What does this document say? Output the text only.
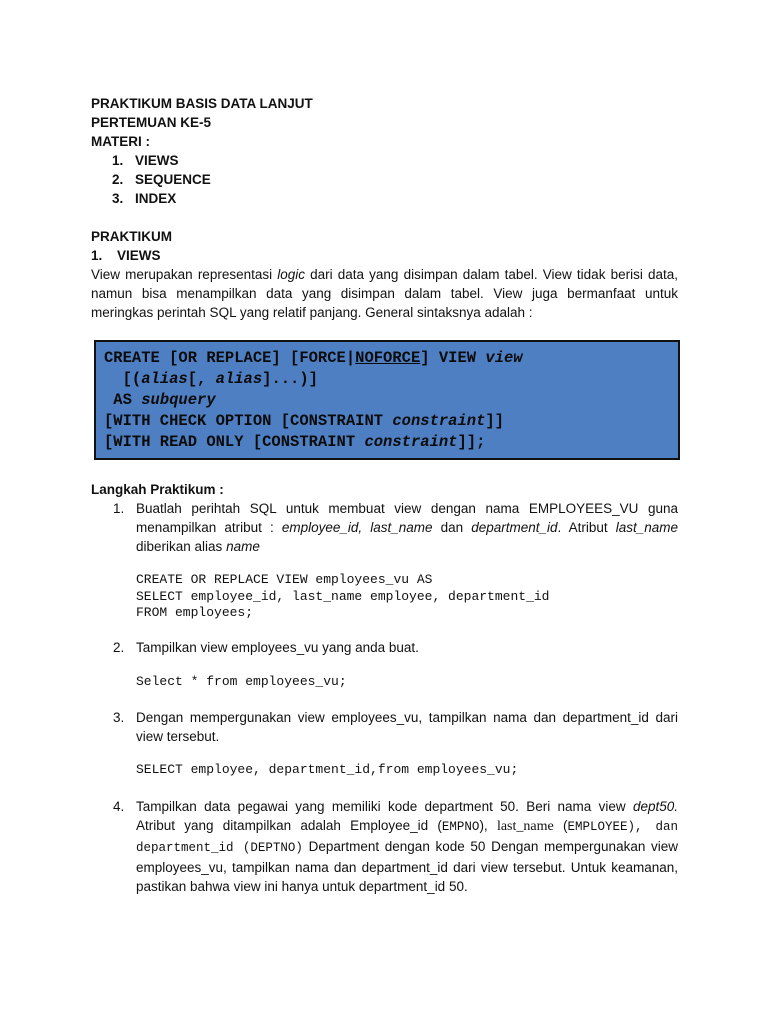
PRAKTIKUM BASIS DATA LANJUT
PERTEMUAN KE-5
MATERI :
1. VIEWS
2. SEQUENCE
3. INDEX
PRAKTIKUM
1. VIEWS
View merupakan representasi logic dari data yang disimpan dalam tabel. View tidak berisi data, namun bisa menampilkan data yang disimpan dalam tabel. View juga bermanfaat untuk meringkas perintah SQL yang relatif panjang. General sintaksnya adalah :
CREATE [OR REPLACE] [FORCE|NOFORCE] VIEW view
[(alias[, alias]...)]
AS subquery
[WITH CHECK OPTION [CONSTRAINT constraint]]
[WITH READ ONLY [CONSTRAINT constraint]];
Langkah Praktikum :
1. Buatlah perihtah SQL untuk membuat view dengan nama EMPLOYEES_VU guna menampilkan atribut : employee_id, last_name dan department_id. Atribut last_name diberikan alias name
CREATE OR REPLACE VIEW employees_vu AS
SELECT employee_id, last_name employee, department_id
FROM employees;
2. Tampilkan view employees_vu yang anda buat.
Select * from employees_vu;
3. Dengan mempergunakan view employees_vu, tampilkan nama dan department_id dari view tersebut.
SELECT employee, department_id,from employees_vu;
4. Tampilkan data pegawai yang memiliki kode department 50. Beri nama view dept50. Atribut yang ditampilkan adalah Employee_id (EMPNO), last_name (EMPLOYEE), dan department_id (DEPTNO) Department dengan kode 50 Dengan mempergunakan view employees_vu, tampilkan nama dan department_id dari view tersebut. Untuk keamanan, pastikan bahwa view ini hanya untuk department_id 50.
